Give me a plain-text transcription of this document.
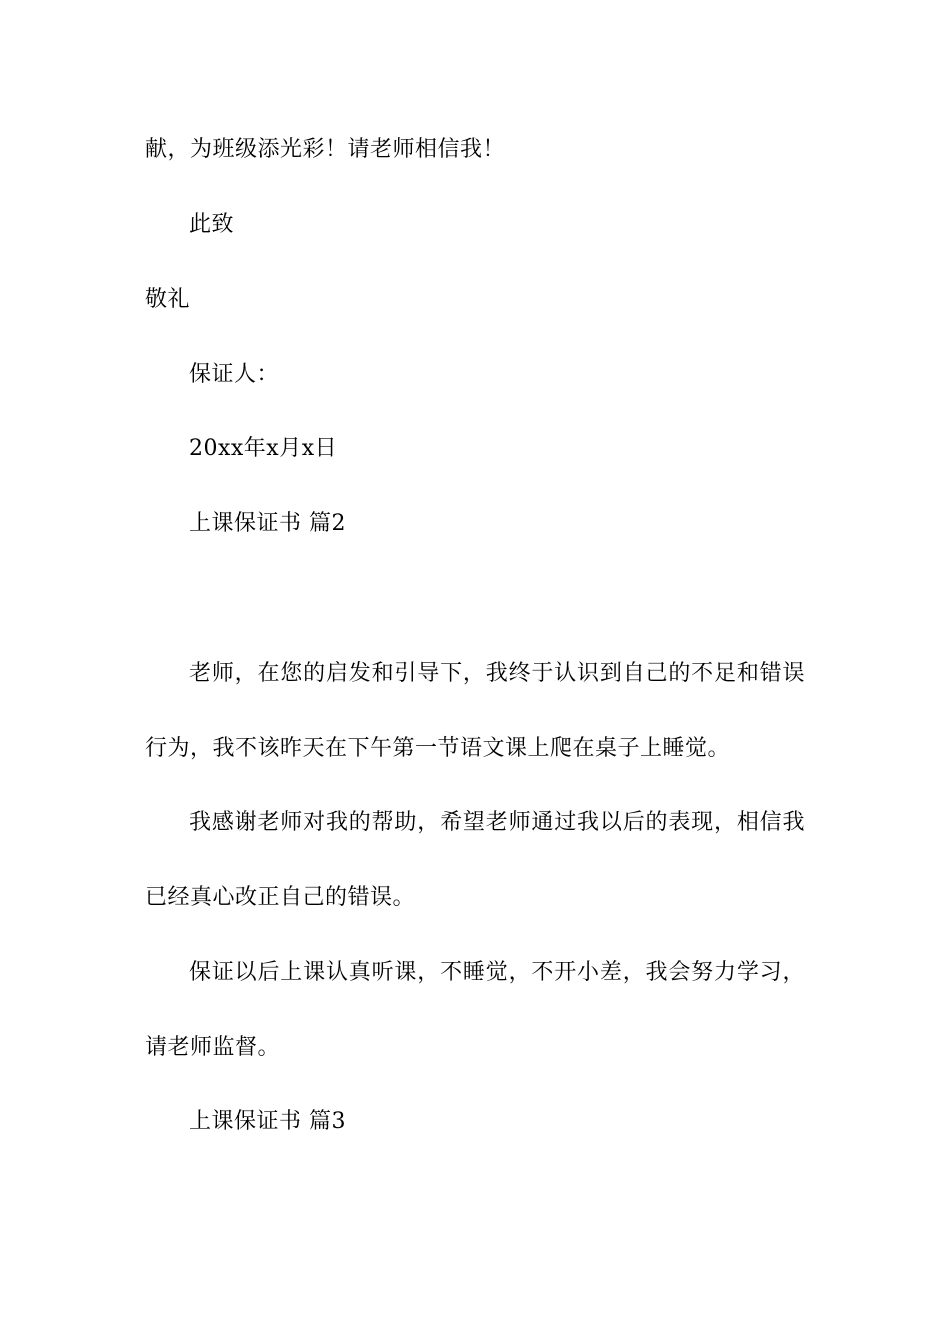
献，为班级添光彩！请老师相信我！
此致
敬礼
保证人：
20xx年x月x日
上课保证书 篇2
老师，在您的启发和引导下，我终于认识到自己的不足和错误
行为，我不该昨天在下午第一节语文课上爬在桌子上睡觉。
我感谢老师对我的帮助，希望老师通过我以后的表现，相信我
已经真心改正自己的错误。
保证以后上课认真听课，不睡觉，不开小差，我会努力学习，
请老师监督。
上课保证书 篇3
